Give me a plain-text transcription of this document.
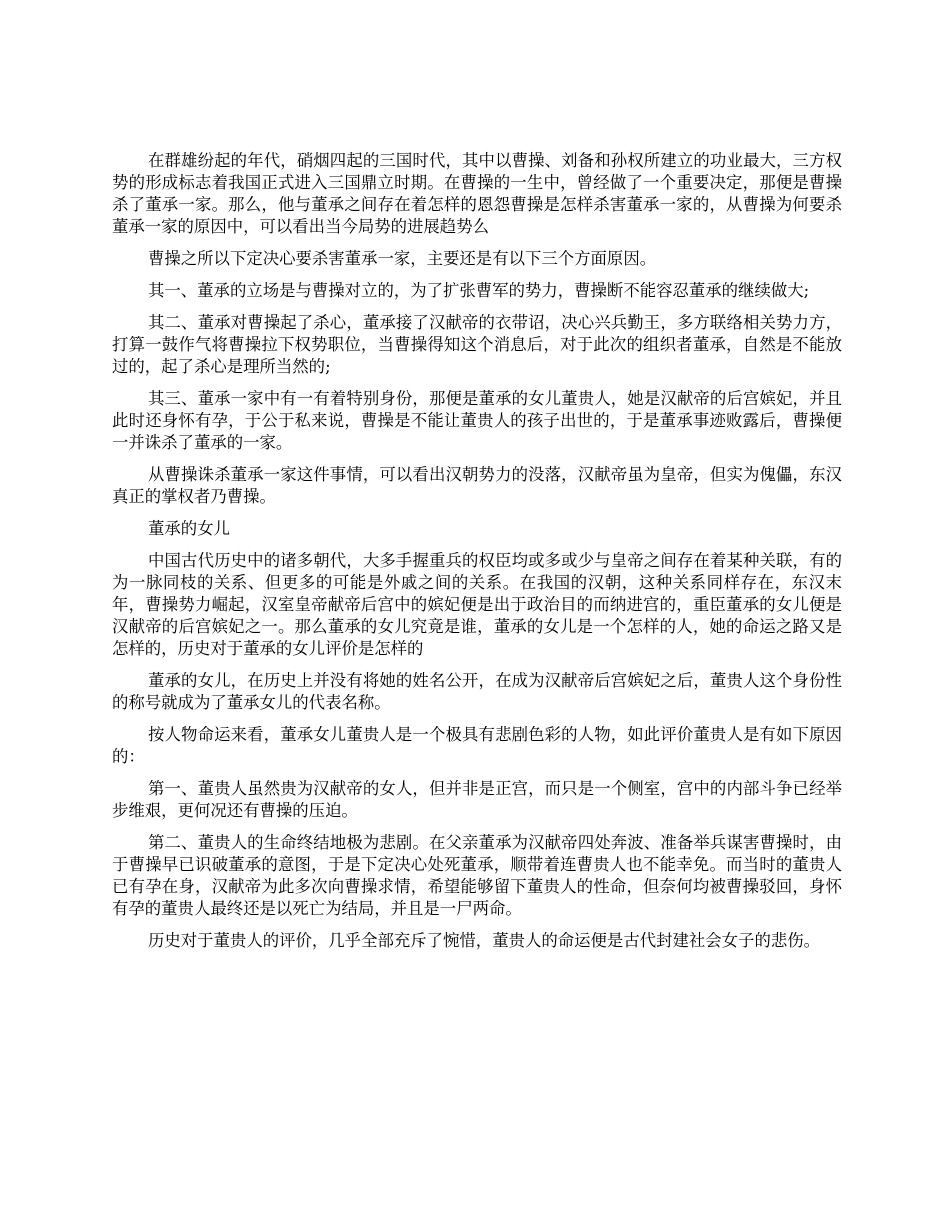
在群雄纷起的年代，硝烟四起的三国时代，其中以曹操、刘备和孙权所建立的功业最大，三方权势的形成标志着我国正式进入三国鼎立时期。在曹操的一生中，曾经做了一个重要决定，那便是曹操杀了董承一家。那么，他与董承之间存在着怎样的恩怨曹操是怎样杀害董承一家的，从曹操为何要杀董承一家的原因中，可以看出当今局势的进展趋势么

曹操之所以下定决心要杀害董承一家，主要还是有以下三个方面原因。

其一、董承的立场是与曹操对立的，为了扩张曹军的势力，曹操断不能容忍董承的继续做大;

其二、董承对曹操起了杀心，董承接了汉献帝的衣带诏，决心兴兵勤王，多方联络相关势力方，打算一鼓作气将曹操拉下权势职位，当曹操得知这个消息后，对于此次的组织者董承，自然是不能放过的，起了杀心是理所当然的;

其三、董承一家中有一有着特别身份，那便是董承的女儿董贵人，她是汉献帝的后宫嫔妃，并且此时还身怀有孕，于公于私来说，曹操是不能让董贵人的孩子出世的，于是董承事迹败露后，曹操便一并诛杀了董承的一家。

从曹操诛杀董承一家这件事情，可以看出汉朝势力的没落，汉献帝虽为皇帝，但实为傀儡，东汉真正的掌权者乃曹操。

董承的女儿

中国古代历史中的诸多朝代，大多手握重兵的权臣均或多或少与皇帝之间存在着某种关联，有的为一脉同枝的关系、但更多的可能是外戚之间的关系。在我国的汉朝，这种关系同样存在，东汉末年，曹操势力崛起，汉室皇帝献帝后宫中的嫔妃便是出于政治目的而纳进宫的，重臣董承的女儿便是汉献帝的后宫嫔妃之一。那么董承的女儿究竟是谁，董承的女儿是一个怎样的人，她的命运之路又是怎样的，历史对于董承的女儿评价是怎样的

董承的女儿，在历史上并没有将她的姓名公开，在成为汉献帝后宫嫔妃之后，董贵人这个身份性的称号就成为了董承女儿的代表名称。

按人物命运来看，董承女儿董贵人是一个极具有悲剧色彩的人物，如此评价董贵人是有如下原因的：

第一、董贵人虽然贵为汉献帝的女人，但并非是正宫，而只是一个侧室，宫中的内部斗争已经举步维艰，更何况还有曹操的压迫。

第二、董贵人的生命终结地极为悲剧。在父亲董承为汉献帝四处奔波、准备举兵谋害曹操时，由于曹操早已识破董承的意图，于是下定决心处死董承，顺带着连曹贵人也不能幸免。而当时的董贵人已有孕在身，汉献帝为此多次向曹操求情，希望能够留下董贵人的性命，但奈何均被曹操驳回，身怀有孕的董贵人最终还是以死亡为结局，并且是一尸两命。

历史对于董贵人的评价，几乎全部充斥了惋惜，董贵人的命运便是古代封建社会女子的悲伤。
